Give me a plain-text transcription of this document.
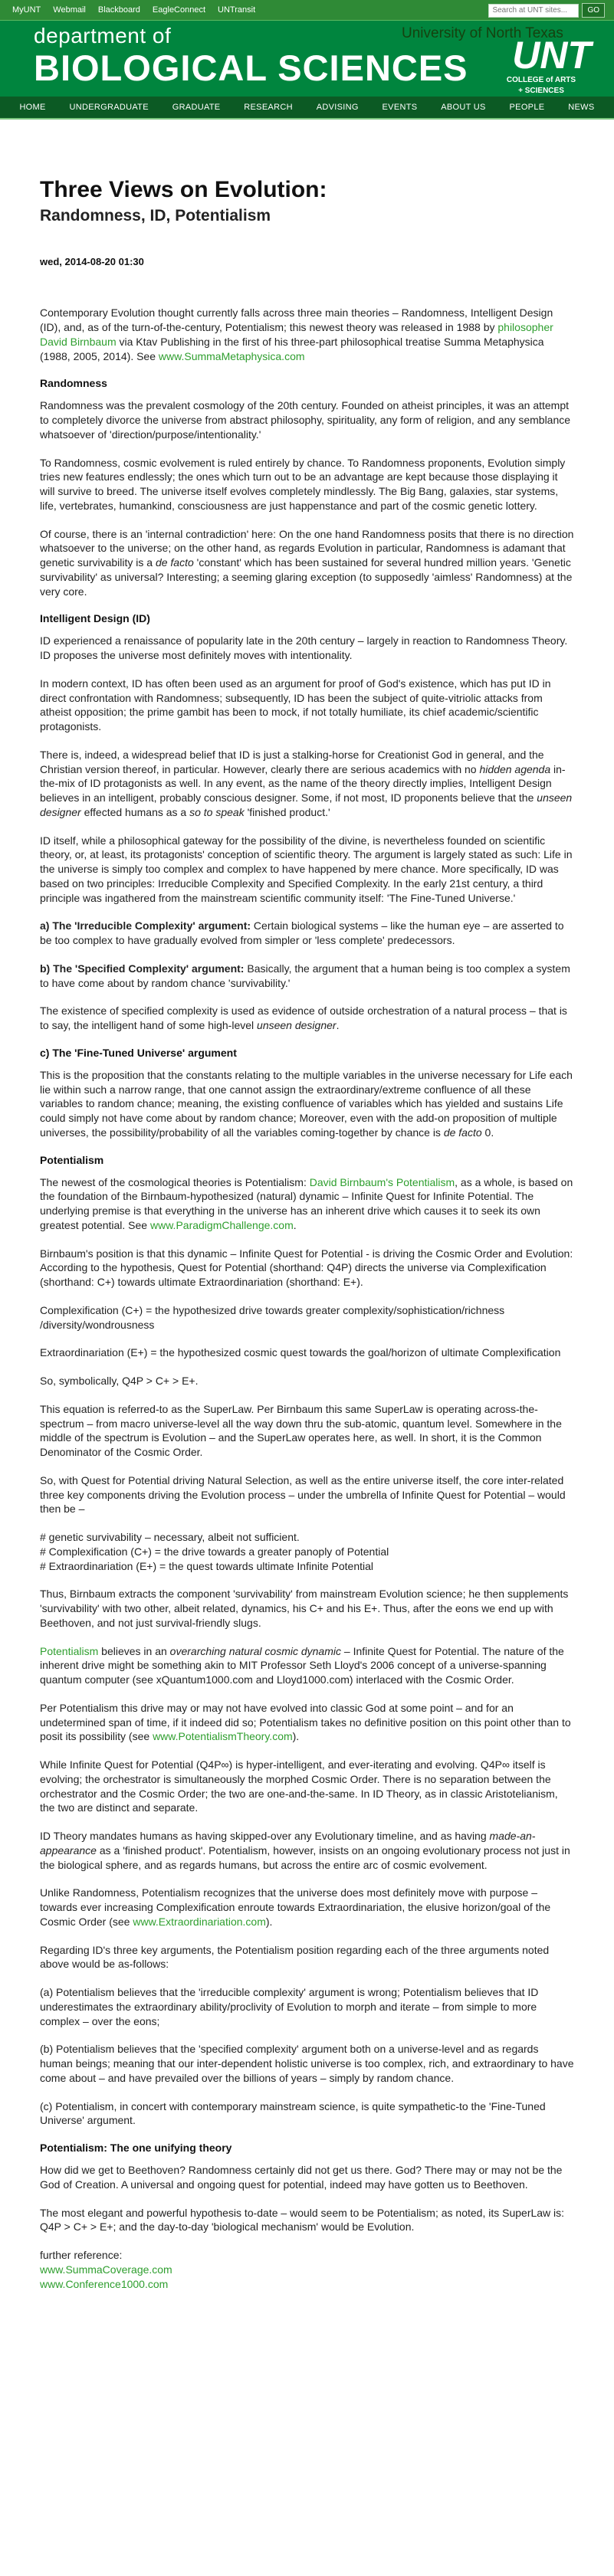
MyUNT	Webmail	Blackboard	EagleConnect	UNTransit
Search at UNT sites...	GO
department of
BIOLOGICAL SCIENCES
University of North Texas
UNT
COLLEGE of ARTS
+ SCIENCES
HOME	UNDERGRADUATE	GRADUATE	RESEARCH	ADVISING	EVENTS	ABOUT US	PEOPLE	NEWS
Three Views on Evolution:
Randomness, ID, Potentialism
wed, 2014-08-20 01:30

Contemporary Evolution thought currently falls across three main theories – Randomness, Intelligent Design (ID), and, as of the turn-of-the-century, Potentialism; this newest theory was released in 1988 by philosopher David Birnbaum via Ktav Publishing in the first of his three-part philosophical treatise Summa Metaphysica (1988, 2005, 2014). See www.SummaMetaphysica.com

Randomness

Randomness was the prevalent cosmology of the 20th century. Founded on atheist principles, it was an attempt to completely divorce the universe from abstract philosophy, spirituality, any form of religion, and any semblance whatsoever of 'direction/purpose/intentionality.'

To Randomness, cosmic evolvement is ruled entirely by chance. To Randomness proponents, Evolution simply tries new features endlessly; the ones which turn out to be an advantage are kept because those displaying it will survive to breed. The universe itself evolves completely mindlessly. The Big Bang, galaxies, star systems, life, vertebrates, humankind, consciousness are just happenstance and part of the cosmic genetic lottery.

Of course, there is an 'internal contradiction' here: On the one hand Randomness posits that there is no direction whatsoever to the universe; on the other hand, as regards Evolution in particular, Randomness is adamant that genetic survivability is a de facto 'constant' which has been sustained for several hundred million years. 'Genetic survivability' as universal? Interesting; a seeming glaring exception (to supposedly 'aimless' Randomness) at the very core.

Intelligent Design (ID)

ID experienced a renaissance of popularity late in the 20th century – largely in reaction to Randomness Theory. ID proposes the universe most definitely moves with intentionality.

In modern context, ID has often been used as an argument for proof of God's existence, which has put ID in direct confrontation with Randomness; subsequently, ID has been the subject of quite-vitriolic attacks from atheist opposition; the prime gambit has been to mock, if not totally humiliate, its chief academic/scientific protagonists.

There is, indeed, a widespread belief that ID is just a stalking-horse for Creationist God in general, and the Christian version thereof, in particular. However, clearly there are serious academics with no hidden agenda in-the-mix of ID protagonists as well. In any event, as the name of the theory directly implies, Intelligent Design believes in an intelligent, probably conscious designer. Some, if not most, ID proponents believe that the unseen designer effected humans as a so to speak 'finished product.'

ID itself, while a philosophical gateway for the possibility of the divine, is nevertheless founded on scientific theory, or, at least, its protagonists' conception of scientific theory. The argument is largely stated as such: Life in the universe is simply too complex and complex to have happened by mere chance. More specifically, ID was based on two principles: Irreducible Complexity and Specified Complexity. In the early 21st century, a third principle was ingathered from the mainstream scientific community itself: 'The Fine-Tuned Universe.'

a) The 'Irreducible Complexity' argument: Certain biological systems – like the human eye – are asserted to be too complex to have gradually evolved from simpler or 'less complete' predecessors.

b) The 'Specified Complexity' argument: Basically, the argument that a human being is too complex a system to have come about by random chance 'survivability.'

The existence of specified complexity is used as evidence of outside orchestration of a natural process – that is to say, the intelligent hand of some high-level unseen designer.

c) The 'Fine-Tuned Universe' argument

This is the proposition that the constants relating to the multiple variables in the universe necessary for Life each lie within such a narrow range, that one cannot assign the extraordinary/extreme confluence of all these variables to random chance; meaning, the existing confluence of variables which has yielded and sustains Life could simply not have come about by random chance; Moreover, even with the add-on proposition of multiple universes, the possibility/probability of all the variables coming-together by chance is de facto 0.

Potentialism

The newest of the cosmological theories is Potentialism: David Birnbaum's Potentialism, as a whole, is based on the foundation of the Birnbaum-hypothesized (natural) dynamic – Infinite Quest for Infinite Potential. The underlying premise is that everything in the universe has an inherent drive which causes it to seek its own greatest potential. See www.ParadigmChallenge.com.

Birnbaum's position is that this dynamic – Infinite Quest for Potential - is driving the Cosmic Order and Evolution: According to the hypothesis, Quest for Potential (shorthand: Q4P) directs the universe via Complexification (shorthand: C+) towards ultimate Extraordinariation (shorthand: E+).

Complexification (C+) = the hypothesized drive towards greater complexity/sophistication/richness /diversity/wondrousness

Extraordinariation (E+) = the hypothesized cosmic quest towards the goal/horizon of ultimate Complexification

So, symbolically, Q4P > C+ > E+.

This equation is referred-to as the SuperLaw. Per Birnbaum this same SuperLaw is operating across-the-spectrum – from macro universe-level all the way down thru the sub-atomic, quantum level. Somewhere in the middle of the spectrum is Evolution – and the SuperLaw operates here, as well. In short, it is the Common Denominator of the Cosmic Order.

So, with Quest for Potential driving Natural Selection, as well as the entire universe itself, the core inter-related three key components driving the Evolution process – under the umbrella of Infinite Quest for Potential – would then be –

# genetic survivability – necessary, albeit not sufficient.
# Complexification (C+) = the drive towards a greater panoply of Potential
# Extraordinariation (E+) = the quest towards ultimate Infinite Potential

Thus, Birnbaum extracts the component 'survivability' from mainstream Evolution science; he then supplements 'survivability' with two other, albeit related, dynamics, his C+ and his E+. Thus, after the eons we end up with Beethoven, and not just survival-friendly slugs.

Potentialism believes in an overarching natural cosmic dynamic – Infinite Quest for Potential. The nature of the inherent drive might be something akin to MIT Professor Seth Lloyd's 2006 concept of a universe-spanning quantum computer (see xQuantum1000.com and Lloyd1000.com) interlaced with the Cosmic Order.

Per Potentialism this drive may or may not have evolved into classic God at some point – and for an undetermined span of time, if it indeed did so; Potentialism takes no definitive position on this point other than to posit its possibility (see www.PotentialismTheory.com).

While Infinite Quest for Potential (Q4P∞) is hyper-intelligent, and ever-iterating and evolving. Q4P∞ itself is evolving; the orchestrator is simultaneously the morphed Cosmic Order. There is no separation between the orchestrator and the Cosmic Order; the two are one-and-the-same. In ID Theory, as in classic Aristotelianism, the two are distinct and separate.

ID Theory mandates humans as having skipped-over any Evolutionary timeline, and as having made-an-appearance as a 'finished product'. Potentialism, however, insists on an ongoing evolutionary process not just in the biological sphere, and as regards humans, but across the entire arc of cosmic evolvement.

Unlike Randomness, Potentialism recognizes that the universe does most definitely move with purpose – towards ever increasing Complexification enroute towards Extraordinariation, the elusive horizon/goal of the Cosmic Order (see www.Extraordinariation.com).

Regarding ID's three key arguments, the Potentialism position regarding each of the three arguments noted above would be as-follows:

(a) Potentialism believes that the 'irreducible complexity' argument is wrong; Potentialism believes that ID underestimates the extraordinary ability/proclivity of Evolution to morph and iterate – from simple to more complex – over the eons;

(b) Potentialism believes that the 'specified complexity' argument both on a universe-level and as regards human beings; meaning that our inter-dependent holistic universe is too complex, rich, and extraordinary to have come about – and have prevailed over the billions of years – simply by random chance.

(c) Potentialism, in concert with contemporary mainstream science, is quite sympathetic-to the 'Fine-Tuned Universe' argument.

Potentialism: The one unifying theory

How did we get to Beethoven? Randomness certainly did not get us there. God? There may or may not be the God of Creation. A universal and ongoing quest for potential, indeed may have gotten us to Beethoven.

The most elegant and powerful hypothesis to-date – would seem to be Potentialism; as noted, its SuperLaw is: Q4P > C+ > E+; and the day-to-day 'biological mechanism' would be Evolution.

further reference:
www.SummaCoverage.com
www.Conference1000.com
